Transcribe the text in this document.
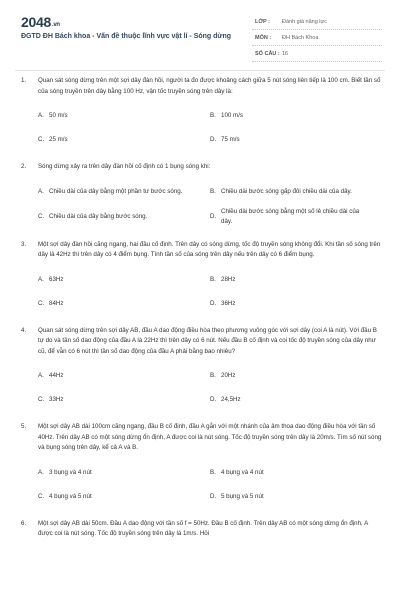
2048.vn
ĐGTD ĐH Bách khoa - Vấn đề thuộc lĩnh vực vật lí - Sóng dừng
LỚP : Đánh giá năng lực
MÔN : ĐH Bách Khoa
SỐ CÂU : 16
1. Quan sát sóng dừng trên một sợi dây đàn hồi, người ta đo được khoảng cách giữa 5 nút sóng liên tiếp là 100 cm. Biết tần số của sóng truyền trên dây bằng 100 Hz, vận tốc truyền sóng trên dây là:

A. 50 m/s	B. 100 m/s
C. 25 m/s	D. 75 m/s
2. Sóng dừng xảy ra trên dây đàn hồi cố định có 1 bụng sóng khi:

A. Chiều dài của dây bằng một phần tư bước sóng.	B. Chiều dài bước sóng gấp đôi chiều dài của dây.
C. Chiều dài của dây bằng bước sóng.	D.
Chiều dài bước sóng bằng một số lẻ chiều dài của dây.
3. Một sợi dây đàn hồi căng ngang, hai đầu cố định. Trên dây có sóng dừng, tốc độ truyền sóng không đổi. Khi tần số sóng trên dây là 42Hz thì trên dây có 4 điểm bụng. Tính tần số của sóng trên dây nếu trên dây có 6 điểm bụng.

A. 63Hz	B. 28Hz
C. 84Hz	D. 36Hz
4. Quan sát sóng dừng trên sợi dây AB, đầu A dao động điều hòa theo phương vuông góc với sợi dây (coi A là nút). Với đầu B tự do và tần số dao động của đầu A là 22Hz thì trên dây có 6 nút. Nếu đầu B cố định và coi tốc độ truyền sóng của dây như cũ, để vẫn có 6 nút thì tần số dao động của đầu A phải bằng bao nhiêu?

A. 44Hz	B. 20Hz
C. 33Hz	D. 24,5Hz
5. Một sợi dây AB dài 100cm căng ngang, đầu B cố định, đầu A gắn với một nhánh của âm thoa dao động điều hòa với tần số 40Hz. Trên dây AB có một sóng dừng ổn định, A được coi là nút sóng. Tốc độ truyền sóng trên dây là 20m/s. Tìm số nút sóng và bụng sóng trên dây, kể cả A và B.

A. 3 bụng và 4 nút	B. 4 bụng và 4 nút
C. 4 bụng và 5 nút	D. 5 bụng và 5 nút
6. Một sợi dây AB dài 50cm. Đầu A dao động với tần số f = 50Hz. Đầu B cố định. Trên dây AB có một sóng dừng ổn định, A được coi là nút sóng. Tốc độ truyền sóng trên dây là 1m/s. Hỏi
